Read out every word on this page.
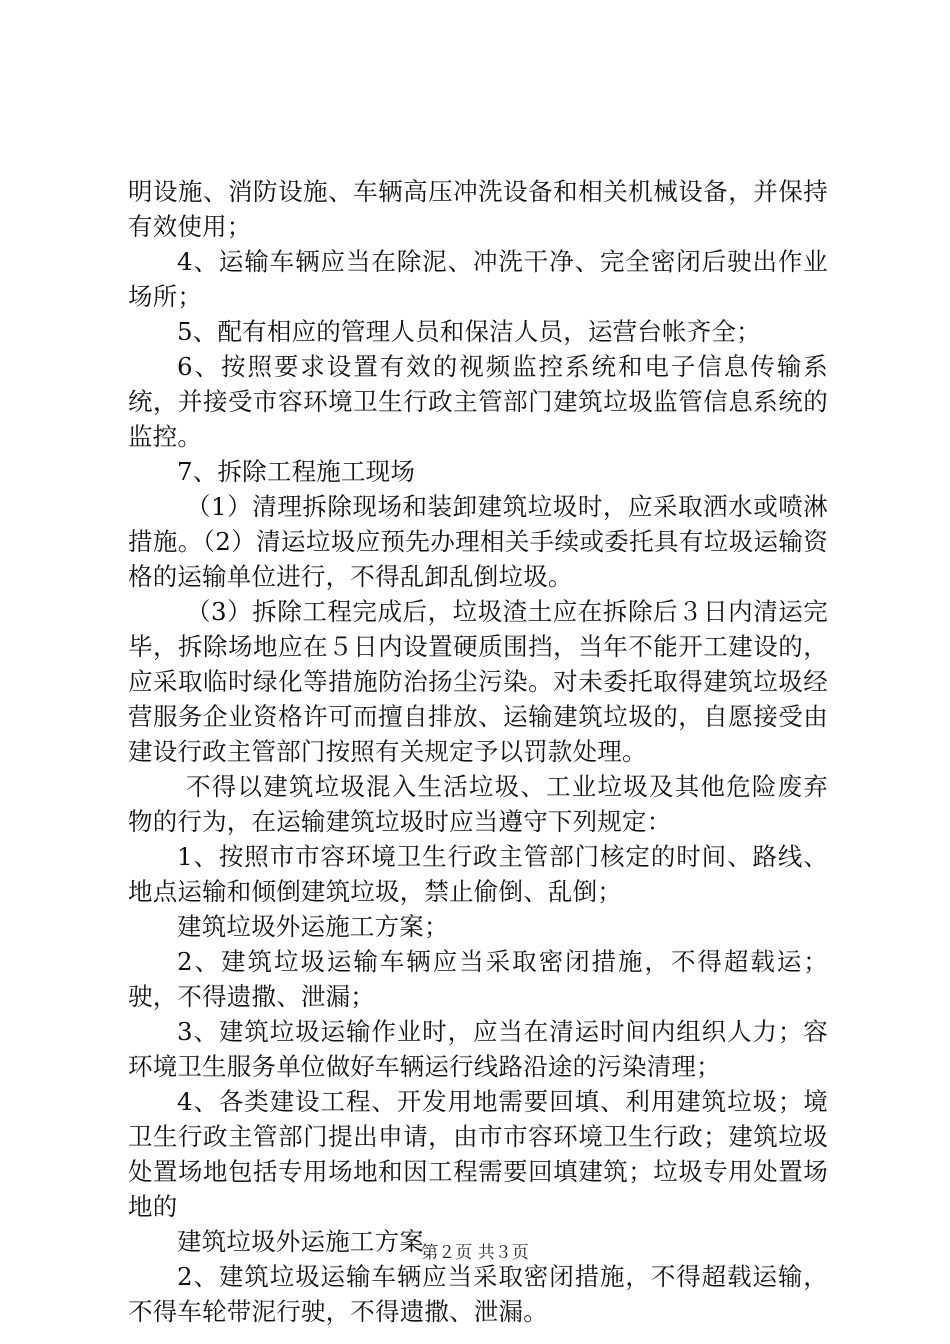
明设施、消防设施、车辆高压冲洗设备和相关机械设备，并保持有效使用；

4、运输车辆应当在除泥、冲洗干净、完全密闭后驶出作业场所；

5、配有相应的管理人员和保洁人员，运营台帐齐全；

6、按照要求设置有效的视频监控系统和电子信息传输系统，并接受市容环境卫生行政主管部门建筑垃圾监管信息系统的监控。

7、拆除工程施工现场

（1）清理拆除现场和装卸建筑垃圾时，应采取洒水或喷淋措施。（2）清运垃圾应预先办理相关手续或委托具有垃圾运输资格的运输单位进行，不得乱卸乱倒垃圾。

（3）拆除工程完成后，垃圾渣土应在拆除后３日内清运完毕，拆除场地应在５日内设置硬质围挡，当年不能开工建设的，应采取临时绿化等措施防治扬尘污染。对未委托取得建筑垃圾经营服务企业资格许可而擅自排放、运输建筑垃圾的，自愿接受由建设行政主管部门按照有关规定予以罚款处理。

不得以建筑垃圾混入生活垃圾、工业垃圾及其他危险废弃物的行为，在运输建筑垃圾时应当遵守下列规定：

1、按照市市容环境卫生行政主管部门核定的时间、路线、地点运输和倾倒建筑垃圾，禁止偷倒、乱倒；

建筑垃圾外运施工方案；

2、建筑垃圾运输车辆应当采取密闭措施，不得超载运；驶，不得遗撒、泄漏；

3、建筑垃圾运输作业时，应当在清运时间内组织人力；容环境卫生服务单位做好车辆运行线路沿途的污染清理；

4、各类建设工程、开发用地需要回填、利用建筑垃圾；境卫生行政主管部门提出申请，由市市容环境卫生行政；建筑垃圾处置场地包括专用场地和因工程需要回填建筑；垃圾专用处置场地的

建筑垃圾外运施工方案

2、建筑垃圾运输车辆应当采取密闭措施，不得超载运输，不得车轮带泥行驶，不得遗撒、泄漏。

第２页 共３页
